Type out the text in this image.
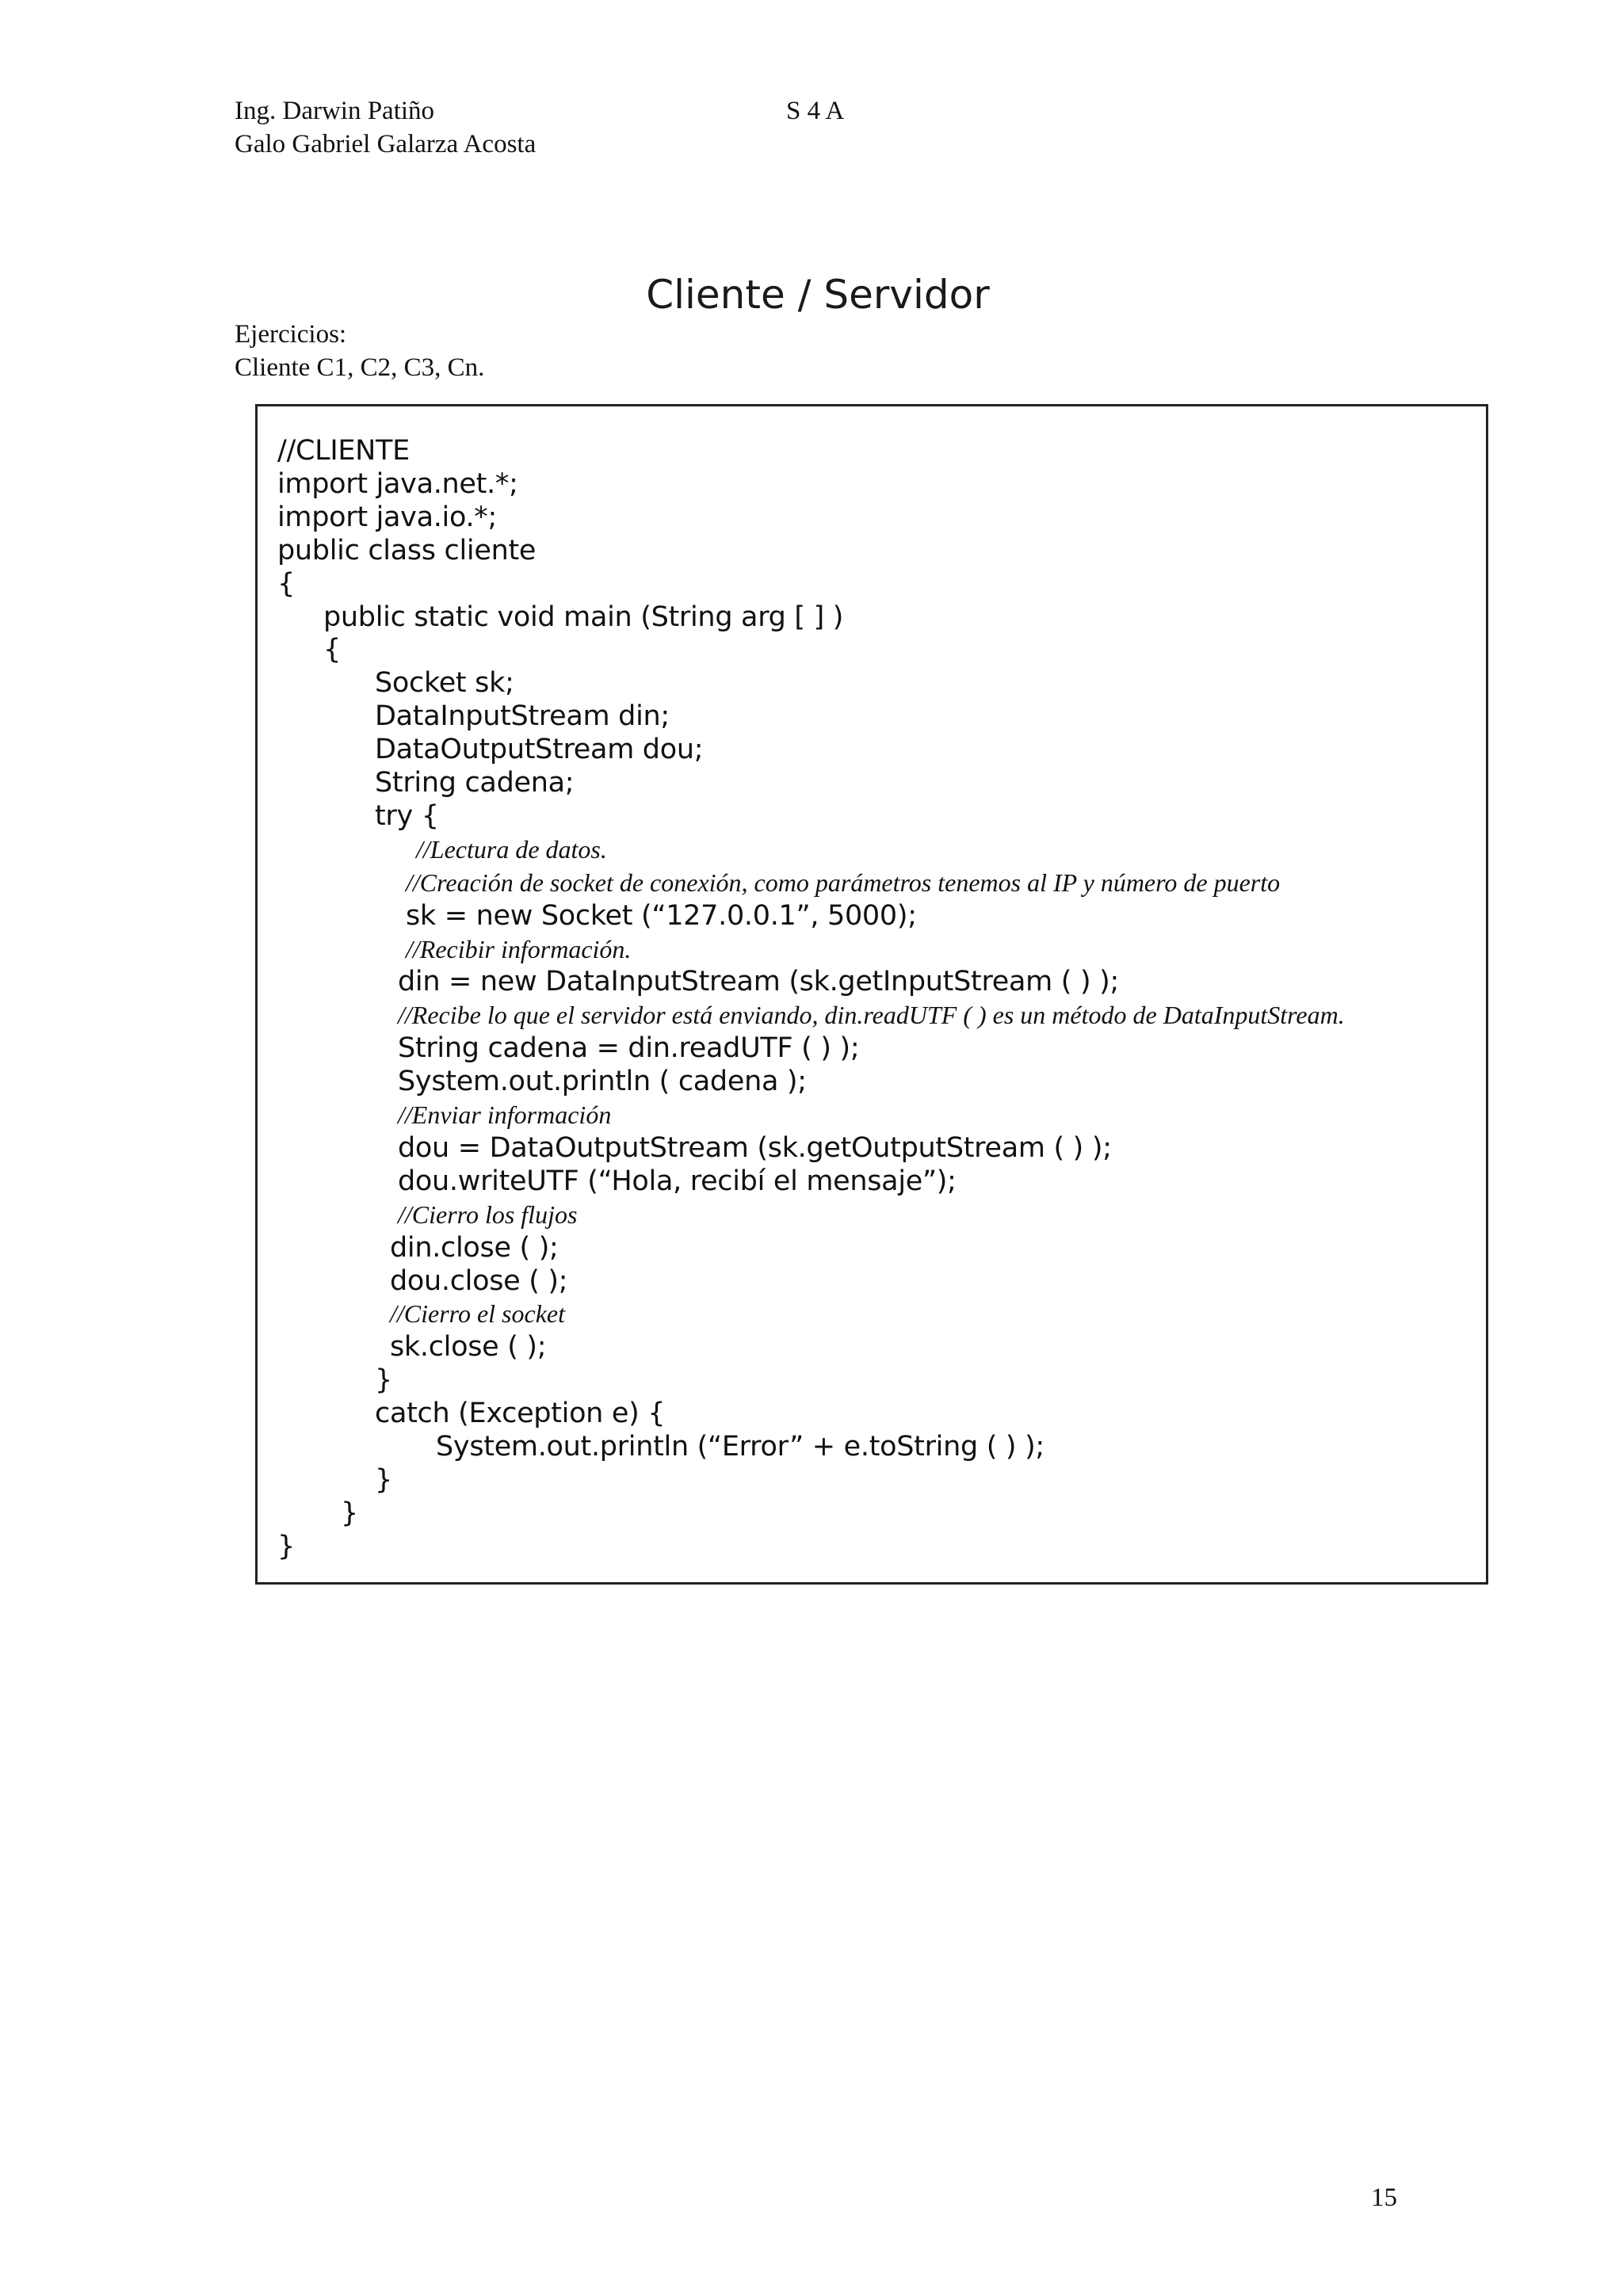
Ing. Darwin Patiño	S 4 A
Galo Gabriel Galarza Acosta
Cliente / Servidor
Ejercicios:
Cliente C1, C2, C3, Cn.
//CLIENTE
import java.net.*;
import java.io.*;
public class cliente
{
public static void main (String arg [ ] )
{
Socket sk;
DataInputStream din;
DataOutputStream dou;
String cadena;
try {
//Lectura de datos.
//Creación de socket de conexión, como parámetros tenemos al IP y número de puerto
sk = new Socket (“127.0.0.1”, 5000);
//Recibir información.
din = new DataInputStream (sk.getInputStream ( ) );
//Recibe lo que el servidor está enviando, din.readUTF ( ) es un método de DataInputStream.
String cadena = din.readUTF ( ) );
System.out.println ( cadena );
//Enviar información
dou = DataOutputStream (sk.getOutputStream ( ) );
dou.writeUTF (“Hola, recibí el mensaje”);
//Cierro los flujos
din.close ( );
dou.close ( );
//Cierro el socket
sk.close ( );
}
catch (Exception e) {
System.out.println (“Error” + e.toString ( ) );
}
}
}
15
